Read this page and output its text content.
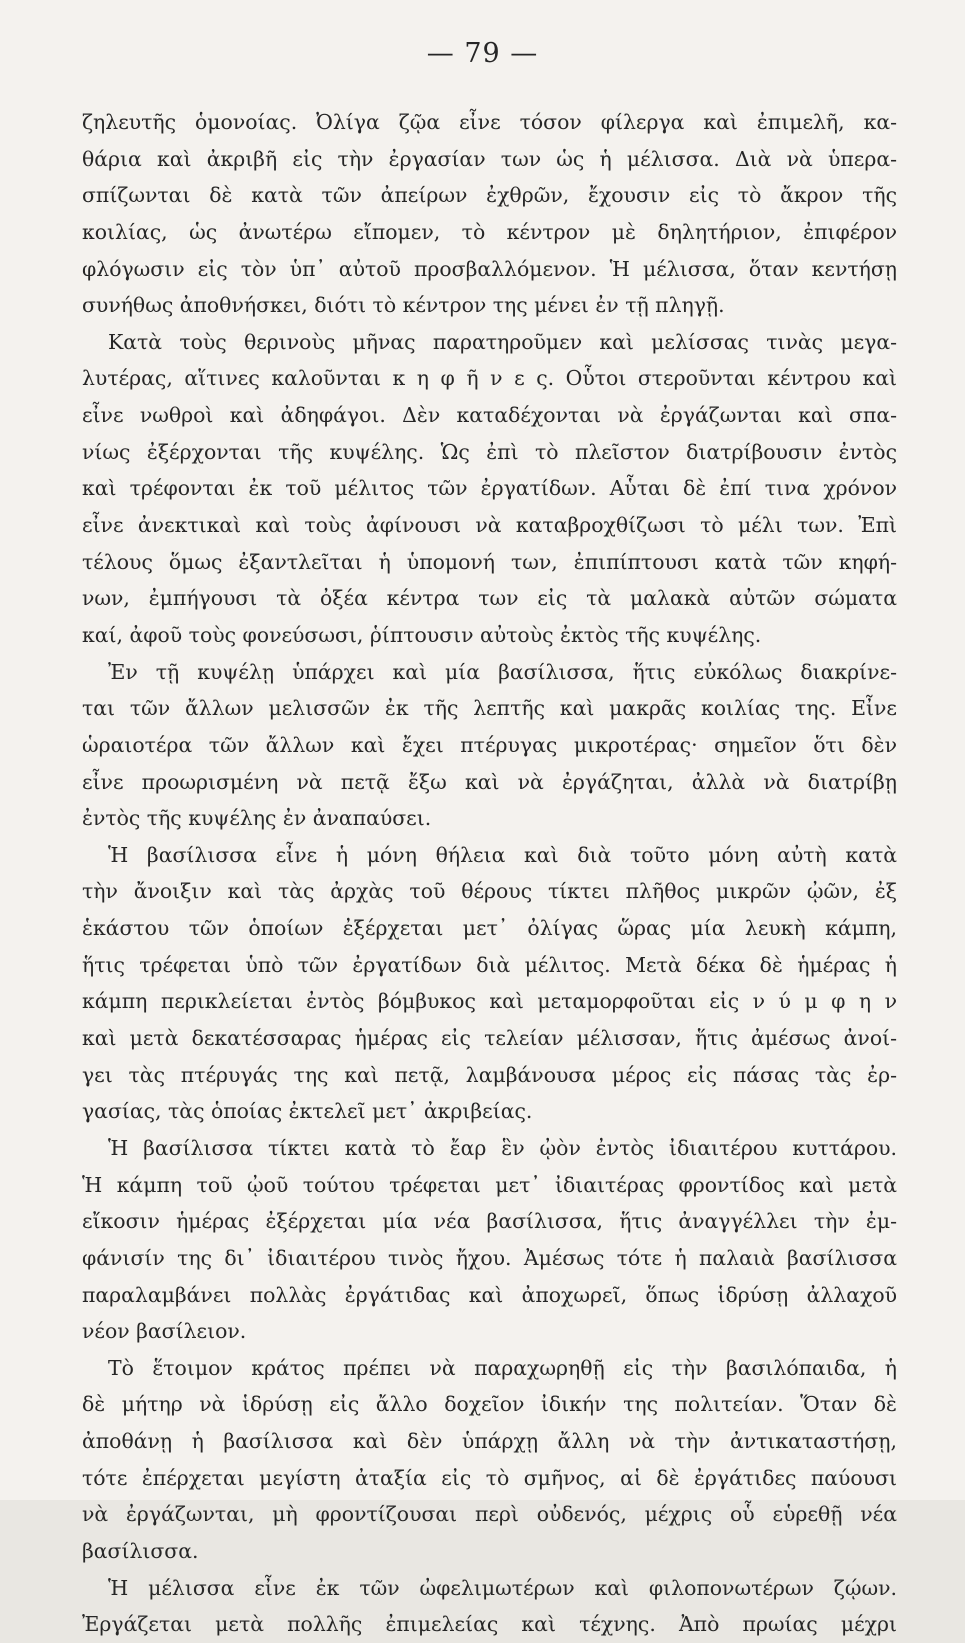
— 79 —
ζηλευτῆς ὁμονοίας. Ὀλίγα ζῷα εἶνε τόσον φίλεργα καὶ ἐπιμελῆ, κα-
θάρια καὶ ἀκριβῆ εἰς τὴν ἐργασίαν των ὡς ἡ μέλισσα. Διὰ νὰ ὑπερα-
σπίζωνται δὲ κατὰ τῶν ἀπείρων ἐχθρῶν, ἔχουσιν εἰς τὸ ἄκρον τῆς
κοιλίας, ὡς ἀνωτέρω εἴπομεν, τὸ κέντρον μὲ δηλητήριον, ἐπιφέρον
φλόγωσιν εἰς τὸν ὑπ᾿ αὐτοῦ προσβαλλόμενον. Ἡ μέλισσα, ὅταν κεντήσῃ
συνήθως ἀποθνήσκει, διότι τὸ κέντρον της μένει ἐν τῇ πληγῇ.
Κατὰ τοὺς θερινοὺς μῆνας παρατηροῦμεν καὶ μελίσσας τινὰς μεγα-
λυτέρας, αἵτινες καλοῦνται κ η φ ῆ ν ε ς. Οὗτοι στεροῦνται κέντρου καὶ
εἶνε νωθροὶ καὶ ἀδηφάγοι. Δὲν καταδέχονται νὰ ἐργάζωνται καὶ σπα-
νίως ἐξέρχονται τῆς κυψέλης. Ὡς ἐπὶ τὸ πλεῖστον διατρίβουσιν ἐντὸς
καὶ τρέφονται ἐκ τοῦ μέλιτος τῶν ἐργατίδων. Αὗται δὲ ἐπί τινα χρόνον
εἶνε ἀνεκτικαὶ καὶ τοὺς ἀφίνουσι νὰ καταβροχθίζωσι τὸ μέλι των. Ἐπὶ
τέλους ὅμως ἐξαντλεῖται ἡ ὑπομονή των, ἐπιπίπτουσι κατὰ τῶν κηφή-
νων, ἐμπήγουσι τὰ ὀξέα κέντρα των εἰς τὰ μαλακὰ αὐτῶν σώματα
καί, ἀφοῦ τοὺς φονεύσωσι, ῥίπτουσιν αὐτοὺς ἐκτὸς τῆς κυψέλης.
Ἐν τῇ κυψέλῃ ὑπάρχει καὶ μία βασίλισσα, ἥτις εὐκόλως διακρίνε-
ται τῶν ἄλλων μελισσῶν ἐκ τῆς λεπτῆς καὶ μακρᾶς κοιλίας της. Εἶνε
ὡραιοτέρα τῶν ἄλλων καὶ ἔχει πτέρυγας μικροτέρας· σημεῖον ὅτι δὲν
εἶνε προωρισμένη νὰ πετᾷ ἔξω καὶ νὰ ἐργάζηται, ἀλλὰ νὰ διατρίβῃ
ἐντὸς τῆς κυψέλης ἐν ἀναπαύσει.
Ἡ βασίλισσα εἶνε ἡ μόνη θήλεια καὶ διὰ τοῦτο μόνη αὐτὴ κατὰ
τὴν ἄνοιξιν καὶ τὰς ἀρχὰς τοῦ θέρους τίκτει πλῆθος μικρῶν ᾠῶν, ἐξ
ἑκάστου τῶν ὁποίων ἐξέρχεται μετ᾿ ὀλίγας ὥρας μία λευκὴ κάμπη,
ἥτις τρέφεται ὑπὸ τῶν ἐργατίδων διὰ μέλιτος. Μετὰ δέκα δὲ ἡμέρας ἡ
κάμπη περικλείεται ἐντὸς βόμβυκος καὶ μεταμορφοῦται εἰς ν ύ μ φ η ν
καὶ μετὰ δεκατέσσαρας ἡμέρας εἰς τελείαν μέλισσαν, ἥτις ἀμέσως ἀνοί-
γει τὰς πτέρυγάς της καὶ πετᾷ, λαμβάνουσα μέρος εἰς πάσας τὰς ἐρ-
γασίας, τὰς ὁποίας ἐκτελεῖ μετ᾿ ἀκριβείας.
Ἡ βασίλισσα τίκτει κατὰ τὸ ἔαρ ἓν ᾠὸν ἐντὸς ἰδιαιτέρου κυττάρου.
Ἡ κάμπη τοῦ ᾠοῦ τούτου τρέφεται μετ᾿ ἰδιαιτέρας φροντίδος καὶ μετὰ
εἴκοσιν ἡμέρας ἐξέρχεται μία νέα βασίλισσα, ἥτις ἀναγγέλλει τὴν ἐμ-
φάνισίν της δι᾿ ἰδιαιτέρου τινὸς ἤχου. Ἀμέσως τότε ἡ παλαιὰ βασίλισσα
παραλαμβάνει πολλὰς ἐργάτιδας καὶ ἀποχωρεῖ, ὅπως ἱδρύσῃ ἀλλαχοῦ
νέον βασίλειον.
Τὸ ἕτοιμον κράτος πρέπει νὰ παραχωρηθῇ εἰς τὴν βασιλόπαιδα, ἡ
δὲ μήτηρ νὰ ἱδρύσῃ εἰς ἄλλο δοχεῖον ἰδικήν της πολιτείαν. Ὅταν δὲ
ἀποθάνῃ ἡ βασίλισσα καὶ δὲν ὑπάρχῃ ἄλλη νὰ τὴν ἀντικαταστήσῃ,
τότε ἐπέρχεται μεγίστη ἀταξία εἰς τὸ σμῆνος, αἱ δὲ ἐργάτιδες παύουσι
νὰ ἐργάζωνται, μὴ φροντίζουσαι περὶ οὐδενός, μέχρις οὗ εὑρεθῇ νέα
βασίλισσα.
Ἡ μέλισσα εἶνε ἐκ τῶν ὠφελιμωτέρων καὶ φιλοπονωτέρων ζῴων.
Ἐργάζεται μετὰ πολλῆς ἐπιμελείας καὶ τέχνης. Ἀπὸ πρωίας μέχρι
